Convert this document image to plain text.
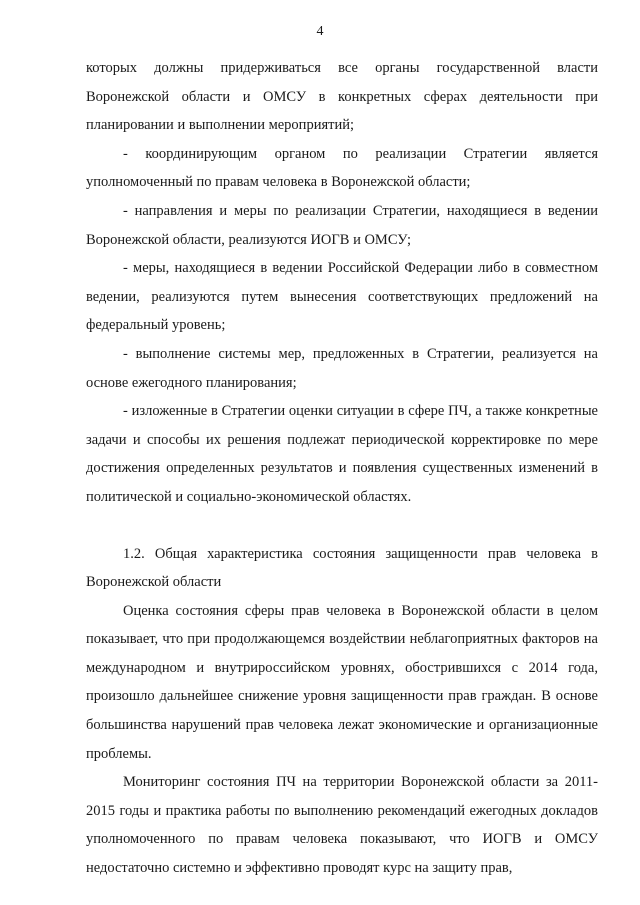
4

которых должны придерживаться все органы государственной власти Воронежской области и ОМСУ в конкретных сферах деятельности при планировании и выполнении мероприятий;

- координирующим органом по реализации Стратегии является уполномоченный по правам человека в Воронежской области;

- направления и меры по реализации Стратегии, находящиеся в ведении Воронежской области, реализуются ИОГВ и ОМСУ;

- меры, находящиеся в ведении Российской Федерации либо в совместном ведении, реализуются путем вынесения соответствующих предложений на федеральный уровень;

- выполнение системы мер, предложенных в Стратегии, реализуется на основе ежегодного планирования;

- изложенные в Стратегии оценки ситуации в сфере ПЧ, а также конкретные задачи и способы их решения подлежат периодической корректировке по мере достижения определенных результатов и появления существенных изменений в политической и социально-экономической областях.

1.2. Общая характеристика состояния защищенности прав человека в Воронежской области

Оценка состояния сферы прав человека в Воронежской области в целом показывает, что при продолжающемся воздействии неблагоприятных факторов на международном и внутрироссийском уровнях, обострившихся с 2014 года, произошло дальнейшее снижение уровня защищенности прав граждан. В основе большинства нарушений прав человека лежат экономические и организационные проблемы.

Мониторинг состояния ПЧ на территории Воронежской области за 2011-2015 годы и практика работы по выполнению рекомендаций ежегодных докладов уполномоченного по правам человека показывают, что ИОГВ и ОМСУ недостаточно системно и эффективно проводят курс на защиту прав,
